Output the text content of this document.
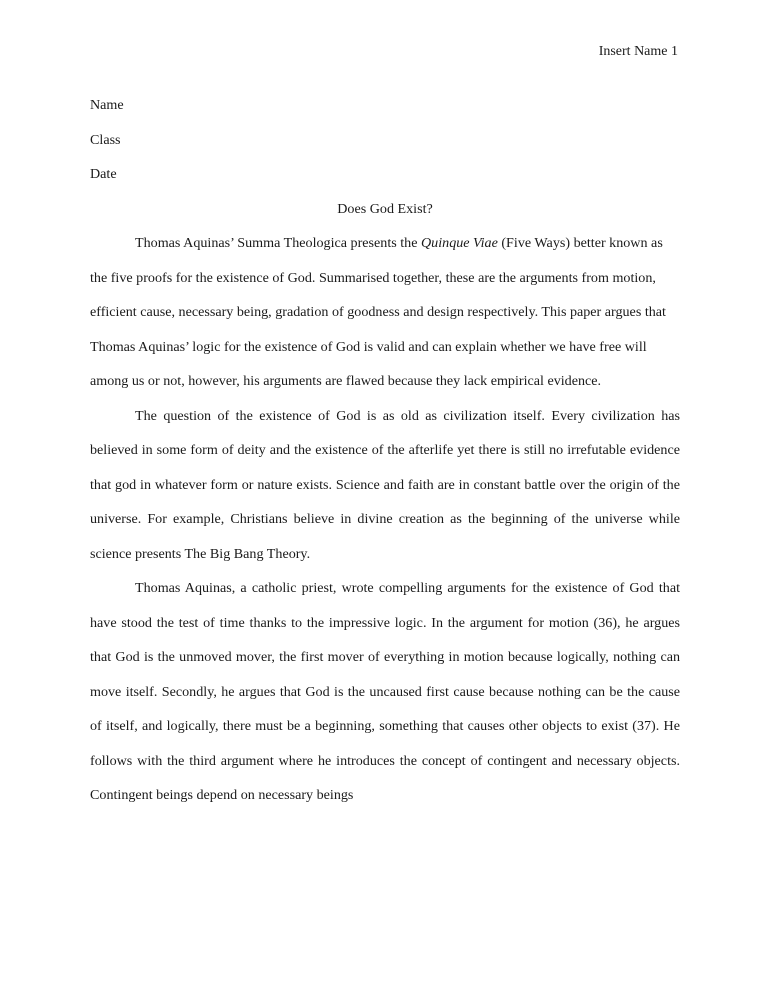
Insert Name 1

Name

Class

Date

Does God Exist?

Thomas Aquinas’ Summa Theologica presents the Quinque Viae (Five Ways) better known as the five proofs for the existence of God. Summarised together, these are the arguments from motion, efficient cause, necessary being, gradation of goodness and design respectively. This paper argues that Thomas Aquinas’ logic for the existence of God is valid and can explain whether we have free will among us or not, however, his arguments are flawed because they lack empirical evidence.

The question of the existence of God is as old as civilization itself. Every civilization has believed in some form of deity and the existence of the afterlife yet there is still no irrefutable evidence that god in whatever form or nature exists. Science and faith are in constant battle over the origin of the universe. For example, Christians believe in divine creation as the beginning of the universe while science presents The Big Bang Theory.

Thomas Aquinas, a catholic priest, wrote compelling arguments for the existence of God that have stood the test of time thanks to the impressive logic. In the argument for motion (36), he argues that God is the unmoved mover, the first mover of everything in motion because logically, nothing can move itself. Secondly, he argues that God is the uncaused first cause because nothing can be the cause of itself, and logically, there must be a beginning, something that causes other objects to exist (37). He follows with the third argument where he introduces the concept of contingent and necessary objects. Contingent beings depend on necessary beings
